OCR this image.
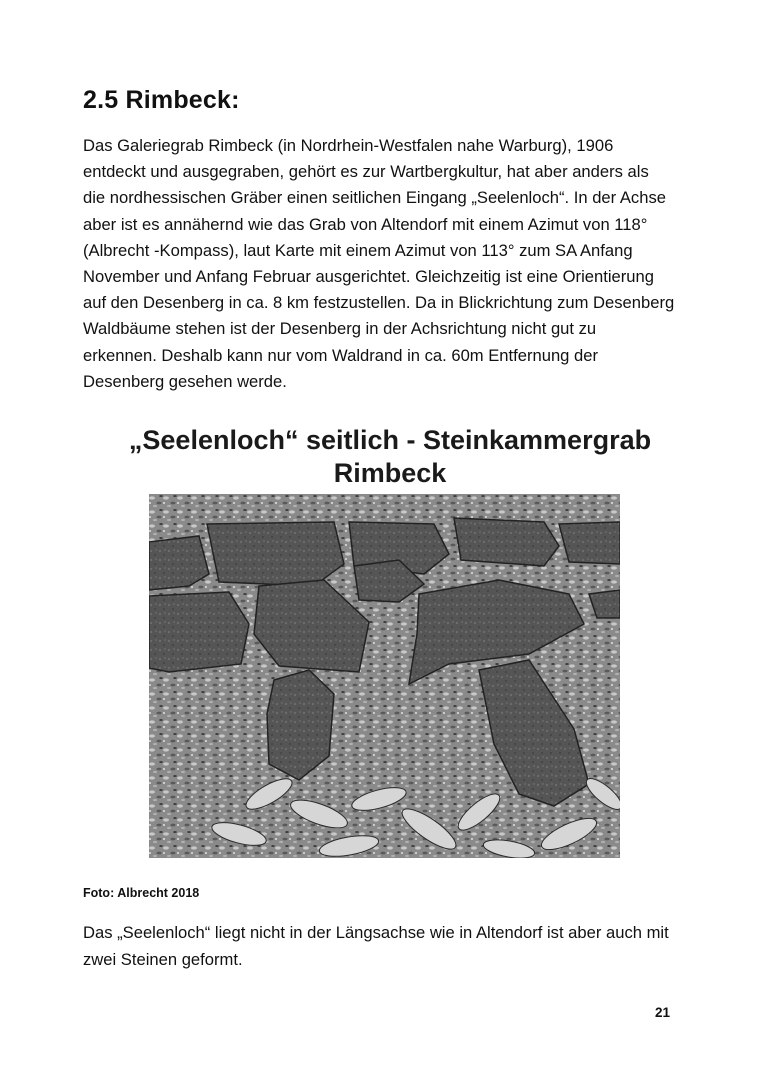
2.5 Rimbeck:

Das Galeriegrab Rimbeck (in Nordrhein-Westfalen nahe Warburg), 1906
entdeckt und ausgegraben, gehört es zur Wartbergkultur, hat aber anders als
die nordhessischen Gräber einen seitlichen Eingang „Seelenloch“. In der Achse
aber ist es annähernd wie das Grab von Altendorf mit einem Azimut von 118°
(Albrecht -Kompass), laut Karte mit einem Azimut von 113° zum SA Anfang
November und Anfang Februar ausgerichtet. Gleichzeitig ist eine Orientierung
auf den Desenberg in ca. 8 km festzustellen. Da in Blickrichtung zum Desenberg
Waldbäume stehen ist der Desenberg in der Achsrichtung nicht gut zu
erkennen. Deshalb kann nur vom Waldrand in ca. 60m Entfernung der
Desenberg gesehen werde.

„Seelenloch“ seitlich - Steinkammergrab

Rimbeck

Foto: Albrecht 2018

Das „Seelenloch“ liegt nicht in der Längsachse wie in Altendorf ist aber auch mit
zwei Steinen geformt.

21
